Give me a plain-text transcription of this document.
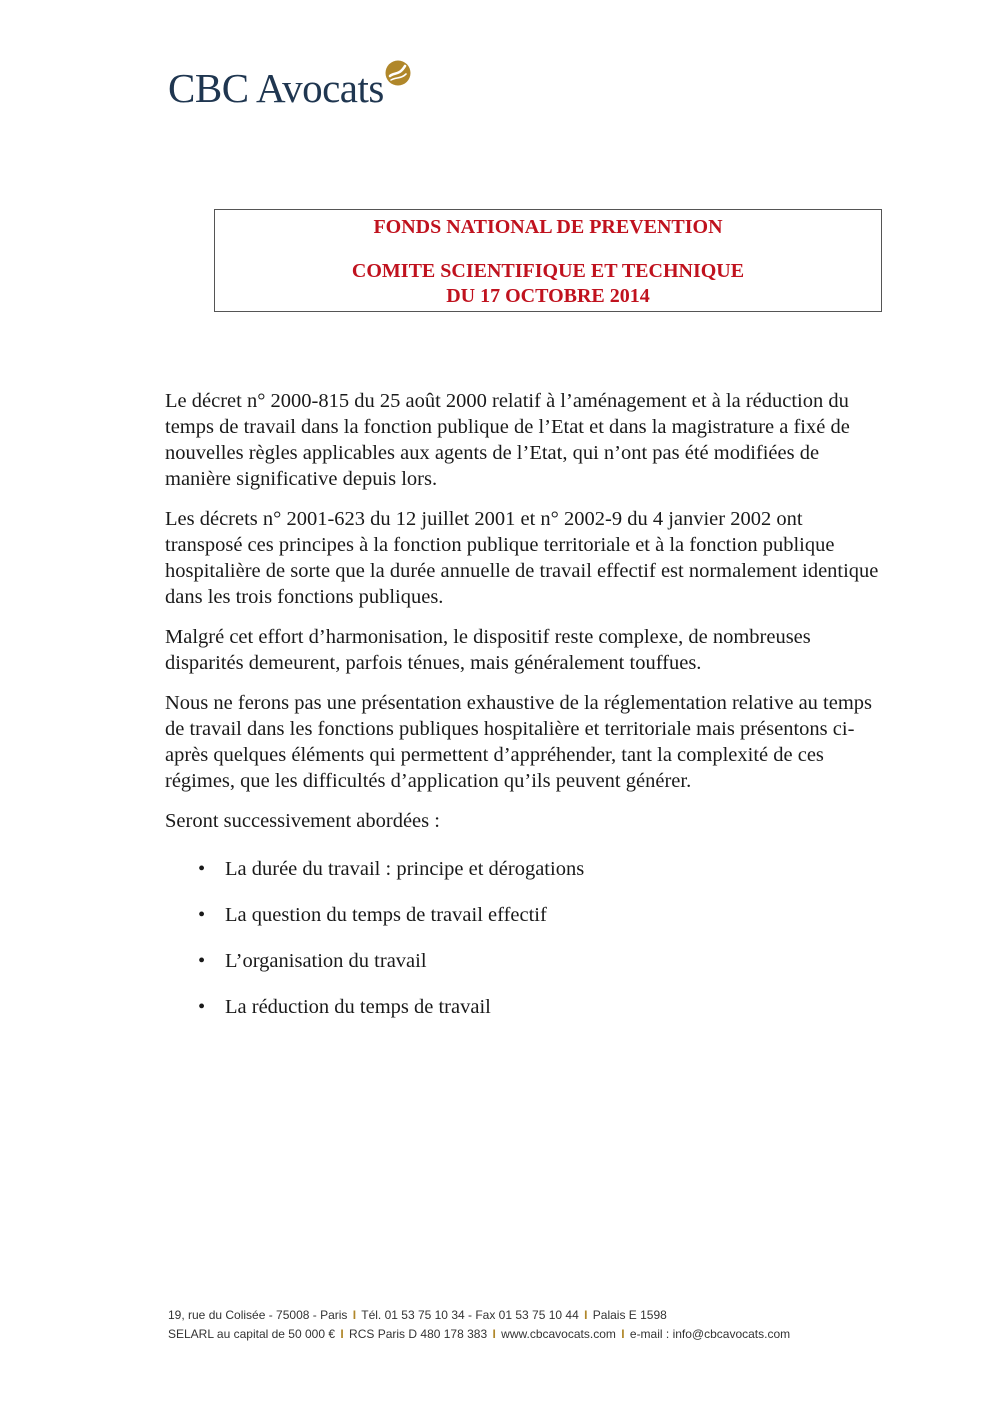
CBC Avocats
FONDS NATIONAL DE PREVENTION
COMITE SCIENTIFIQUE ET TECHNIQUE
DU 17 OCTOBRE 2014

Le décret n° 2000-815 du 25 août 2000 relatif à l’aménagement et à la réduction du temps de travail dans la fonction publique de l’Etat et dans la magistrature a fixé de nouvelles règles applicables aux agents de l’Etat, qui n’ont pas été modifiées de manière significative depuis lors.

Les décrets n° 2001-623 du 12 juillet 2001 et n° 2002-9 du 4 janvier 2002 ont transposé ces principes à la fonction publique territoriale et à la fonction publique hospitalière de sorte que la durée annuelle de travail effectif est normalement identique dans les trois fonctions publiques.

Malgré cet effort d’harmonisation, le dispositif reste complexe, de nombreuses disparités demeurent, parfois ténues, mais généralement touffues.

Nous ne ferons pas une présentation exhaustive de la réglementation relative au temps de travail dans les fonctions publiques hospitalière et territoriale mais présentons ci-après quelques éléments qui permettent d’appréhender, tant la complexité de ces régimes, que les difficultés d’application qu’ils peuvent générer.

Seront successivement abordées :

• La durée du travail : principe et dérogations
• La question du temps de travail effectif
• L’organisation du travail
• La réduction du temps de travail
19, rue du Colisée - 75008 - Paris I Tél. 01 53 75 10 34 - Fax 01 53 75 10 44 I Palais E 1598
SELARL au capital de 50 000 € I RCS Paris D 480 178 383 I www.cbcavocats.com I e-mail : info@cbcavocats.com
